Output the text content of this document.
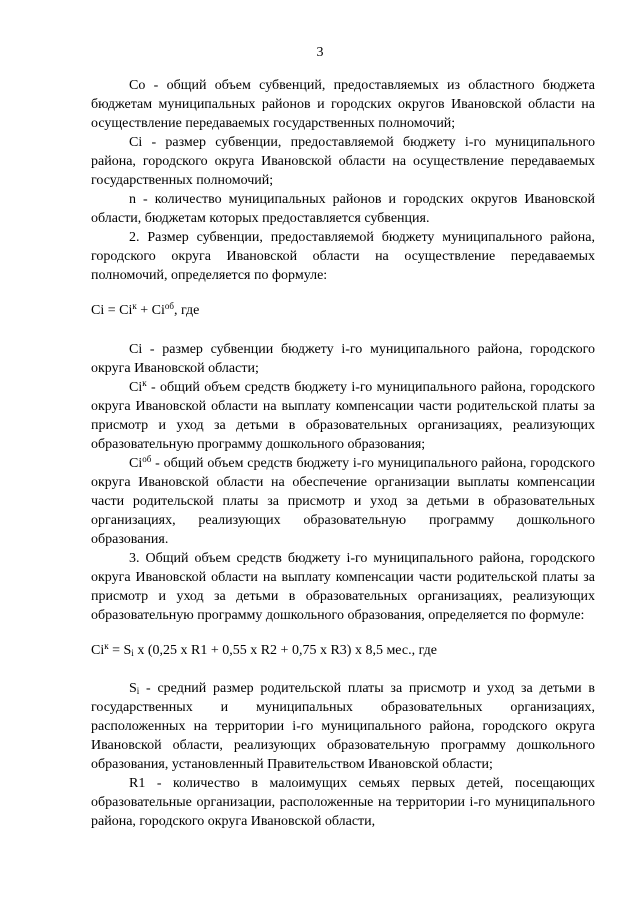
3

Со - общий объем субвенций, предоставляемых из областного бюджета бюджетам муниципальных районов и городских округов Ивановской области на осуществление передаваемых государственных полномочий;

Сi - размер субвенции, предоставляемой бюджету i-го муниципального района, городского округа Ивановской области на осуществление передаваемых государственных полномочий;

n - количество муниципальных районов и городских округов Ивановской области, бюджетам которых предоставляется субвенция.

2. Размер субвенции, предоставляемой бюджету муниципального района, городского округа Ивановской области на осуществление передаваемых полномочий, определяется по формуле:

Сi = $Сi^к + Сi^{об}$, где

Сi - размер субвенции бюджету i-го муниципального района, городского округа Ивановской области;

$Сi^к$ - общий объем средств бюджету i-го муниципального района, городского округа Ивановской области на выплату компенсации части родительской платы за присмотр и уход за детьми в образовательных организациях, реализующих образовательную программу дошкольного образования;

$Сi^{об}$ - общий объем средств бюджету i-го муниципального района, городского округа Ивановской области на обеспечение организации выплаты компенсации части родительской платы за присмотр и уход за детьми в образовательных организациях, реализующих образовательную программу дошкольного образования.

3. Общий объем средств бюджету i-го муниципального района, городского округа Ивановской области на выплату компенсации части родительской платы за присмотр и уход за детьми в образовательных организациях, реализующих образовательную программу дошкольного образования, определяется по формуле:

$Сi^к = S_i$ x (0,25 x R1 + 0,55 x R2 + 0,75 x R3) x 8,5 мес., где

$S_i$ - средний размер родительской платы за присмотр и уход за детьми в государственных и муниципальных образовательных организациях, расположенных на территории i-го муниципального района, городского округа Ивановской области, реализующих образовательную программу дошкольного образования, установленный Правительством Ивановской области;

R1 - количество в малоимущих семьях первых детей, посещающих образовательные организации, расположенные на территории i-го муниципального района, городского округа Ивановской области,
